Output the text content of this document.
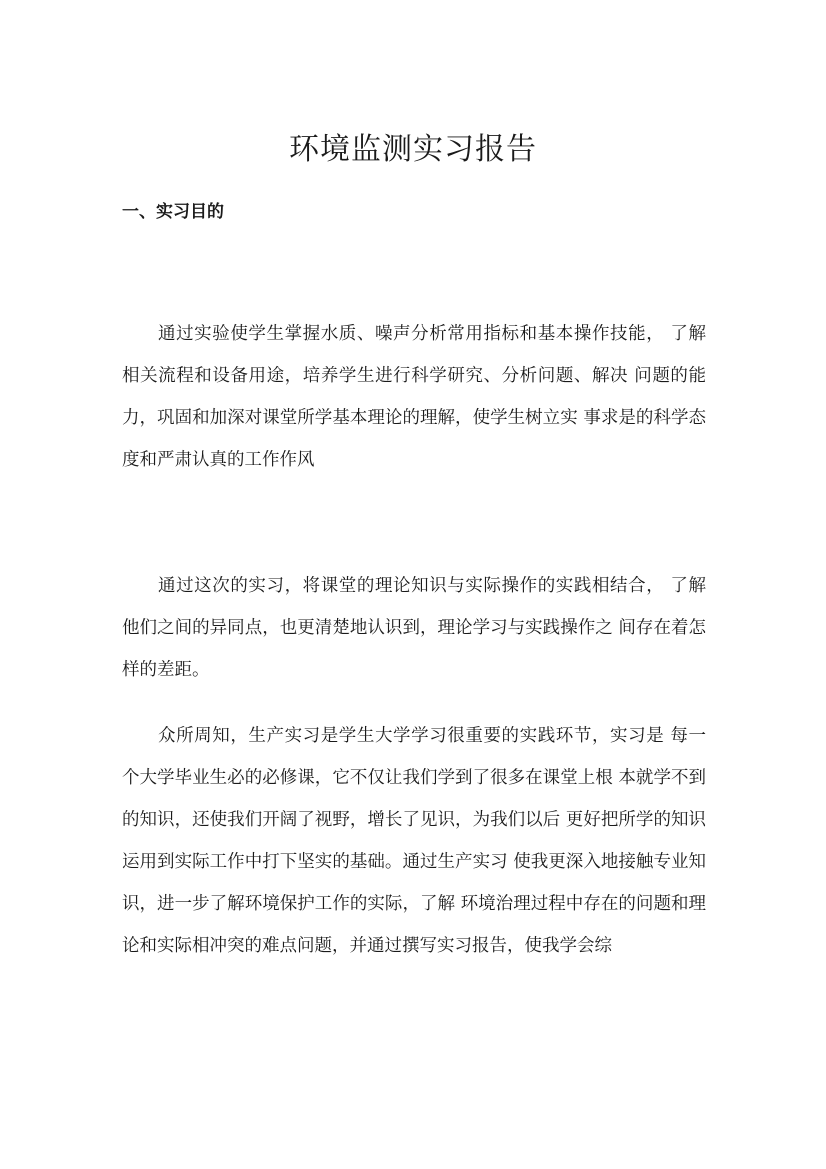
环境监测实习报告
一、实习目的

通过实验使学生掌握水质、噪声分析常用指标和基本操作技能， 了解相关流程和设备用途，培养学生进行科学研究、分析问题、解决 问题的能力，巩固和加深对课堂所学基本理论的理解，使学生树立实 事求是的科学态度和严肃认真的工作作风

通过这次的实习，将课堂的理论知识与实际操作的实践相结合， 了解他们之间的异同点，也更清楚地认识到，理论学习与实践操作之 间存在着怎样的差距。

众所周知，生产实习是学生大学学习很重要的实践环节，实习是 每一个大学毕业生必的必修课，它不仅让我们学到了很多在课堂上根 本就学不到的知识，还使我们开阔了视野，增长了见识，为我们以后 更好把所学的知识运用到实际工作中打下坚实的基础。通过生产实习 使我更深入地接触专业知识，进一步了解环境保护工作的实际，了解 环境治理过程中存在的问题和理论和实际相冲突的难点问题，并通过撰写实习报告，使我学会综
